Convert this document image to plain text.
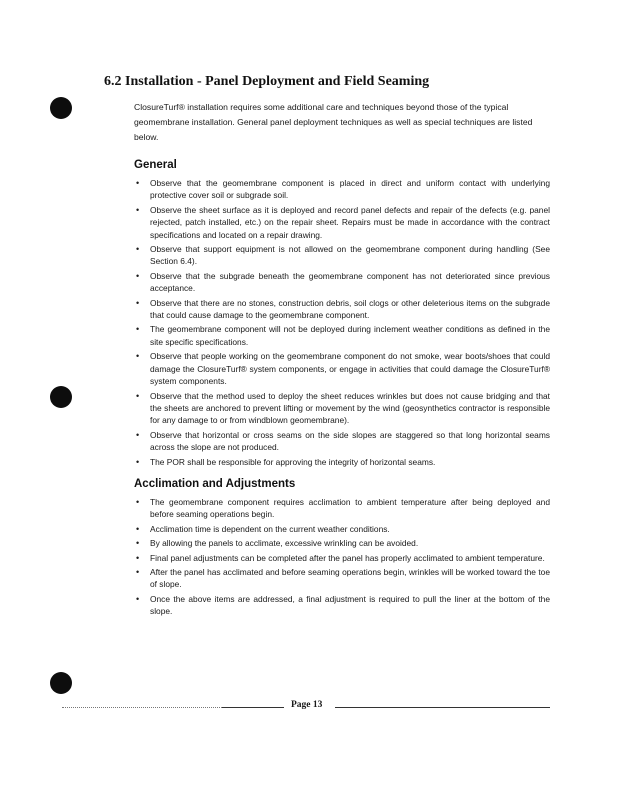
6.2 Installation - Panel Deployment and Field Seaming

ClosureTurf® installation requires some additional care and techniques beyond those of the typical geomembrane installation. General panel deployment techniques as well as special techniques are listed below.

General
• Observe that the geomembrane component is placed in direct and uniform contact with underlying protective cover soil or subgrade soil.
• Observe the sheet surface as it is deployed and record panel defects and repair of the defects (e.g. panel rejected, patch installed, etc.) on the repair sheet. Repairs must be made in accordance with the contract specifications and located on a repair drawing.
• Observe that support equipment is not allowed on the geomembrane component during handling (See Section 6.4).
• Observe that the subgrade beneath the geomembrane component has not deteriorated since previous acceptance.
• Observe that there are no stones, construction debris, soil clogs or other deleterious items on the subgrade that could cause damage to the geomembrane component.
• The geomembrane component will not be deployed during inclement weather conditions as defined in the site specific specifications.
• Observe that people working on the geomembrane component do not smoke, wear boots/shoes that could damage the ClosureTurf® system components, or engage in activities that could damage the ClosureTurf® system components.
• Observe that the method used to deploy the sheet reduces wrinkles but does not cause bridging and that the sheets are anchored to prevent lifting or movement by the wind (geosynthetics contractor is responsible for any damage to or from windblown geomembrane).
• Observe that horizontal or cross seams on the side slopes are staggered so that long horizontal seams across the slope are not produced.
• The POR shall be responsible for approving the integrity of horizontal seams.
Acclimation and Adjustments
• The geomembrane component requires acclimation to ambient temperature after being deployed and before seaming operations begin.
• Acclimation time is dependent on the current weather conditions.
• By allowing the panels to acclimate, excessive wrinkling can be avoided.
• Final panel adjustments can be completed after the panel has properly acclimated to ambient temperature.
• After the panel has acclimated and before seaming operations begin, wrinkles will be worked toward the toe of slope.
• Once the above items are addressed, a final adjustment is required to pull the liner at the bottom of the slope.
Page 13
